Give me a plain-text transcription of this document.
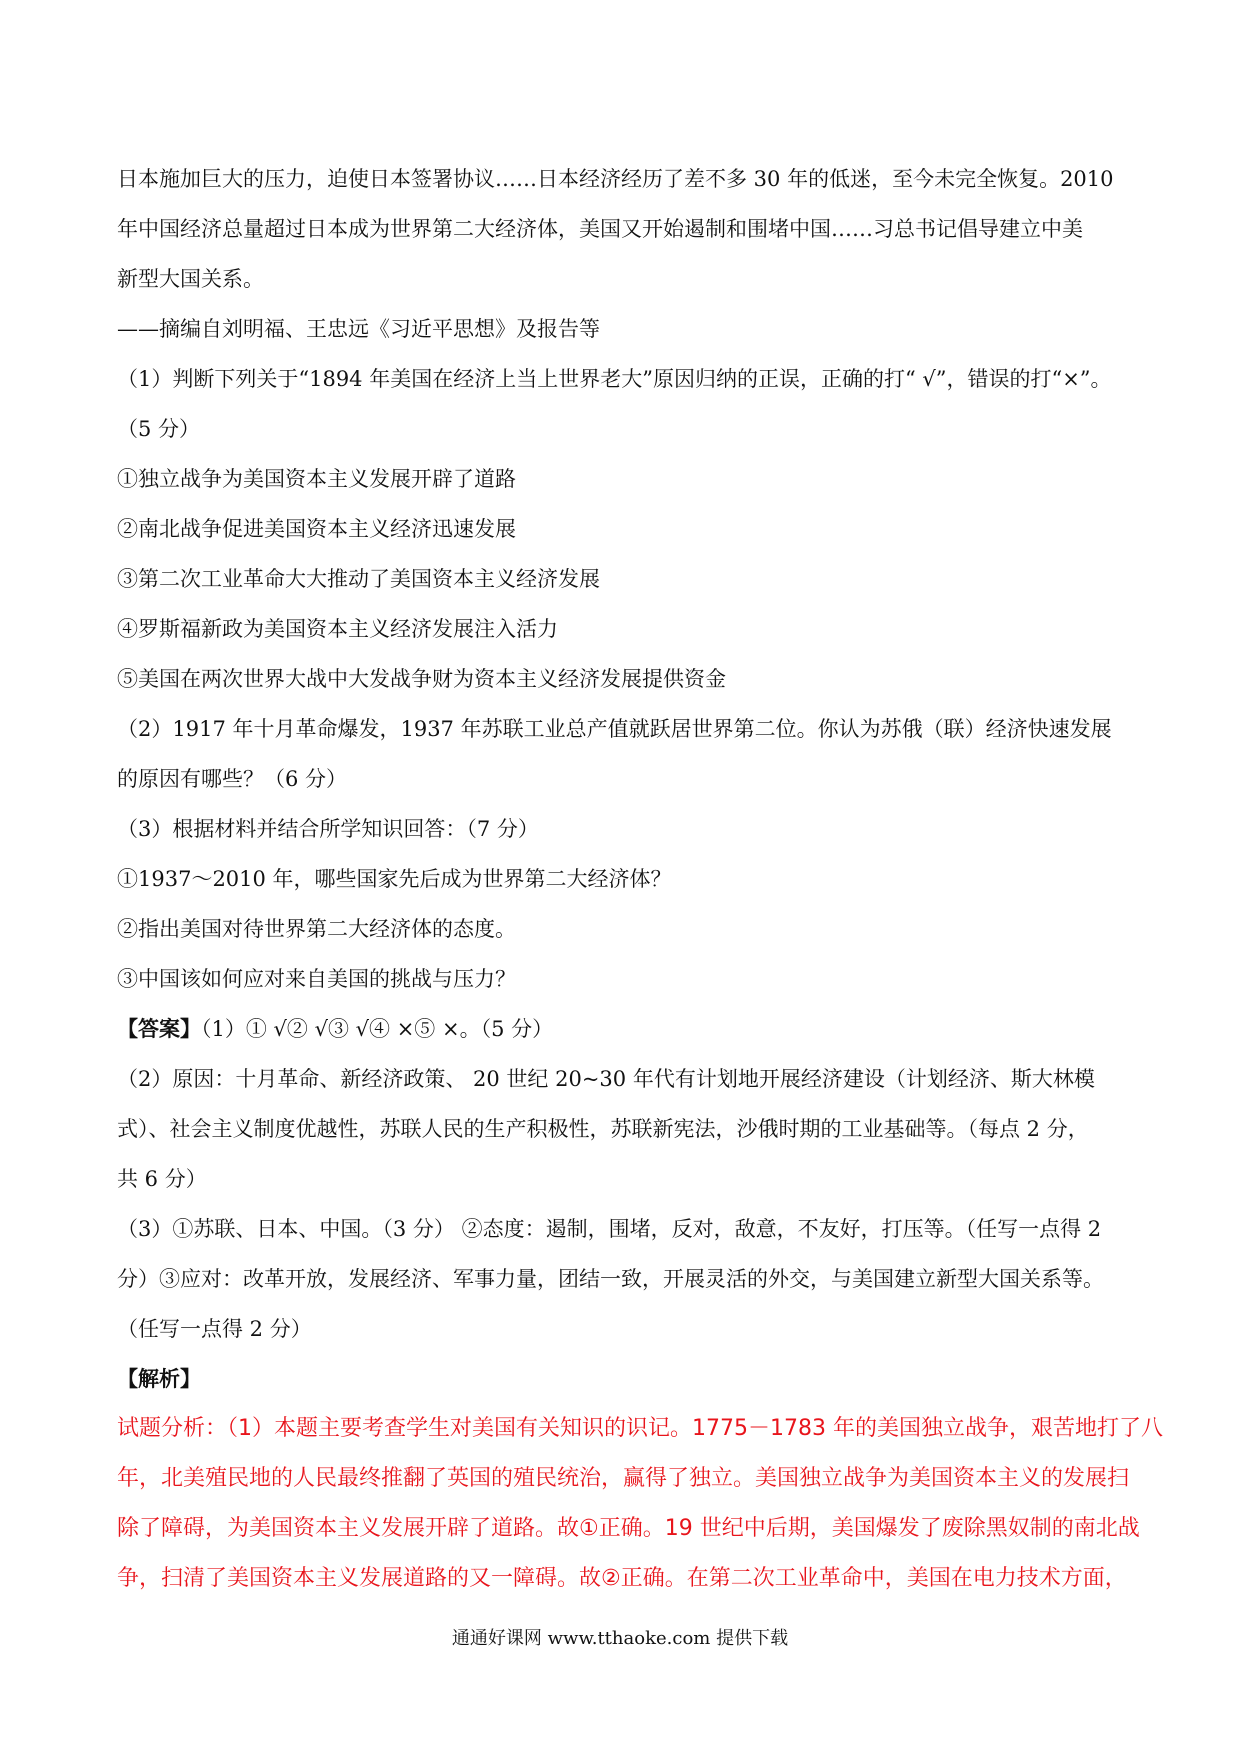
日本施加巨大的压力，迫使日本签署协议……日本经济经历了差不多 30 年的低迷，至今未完全恢复。2010
年中国经济总量超过日本成为世界第二大经济体，美国又开始遏制和围堵中国……习总书记倡导建立中美
新型大国关系。
——摘编自刘明福、王忠远《习近平思想》及报告等
（1）判断下列关于“1894 年美国在经济上当上世界老大”原因归纳的正误，正确的打“ √”，错误的打“×”。
（5 分）
①独立战争为美国资本主义发展开辟了道路
②南北战争促进美国资本主义经济迅速发展
③第二次工业革命大大推动了美国资本主义经济发展
④罗斯福新政为美国资本主义经济发展注入活力
⑤美国在两次世界大战中大发战争财为资本主义经济发展提供资金
（2）1917 年十月革命爆发，1937 年苏联工业总产值就跃居世界第二位。你认为苏俄（联）经济快速发展
的原因有哪些？（6 分）
（3）根据材料并结合所学知识回答：（7 分）
①1937～2010 年，哪些国家先后成为世界第二大经济体？
②指出美国对待世界第二大经济体的态度。
③中国该如何应对来自美国的挑战与压力？
【答案】（1）① √② √③ √④ ×⑤ ×。（5 分）
（2）原因：十月革命、新经济政策、 20 世纪 20~30 年代有计划地开展经济建设（计划经济、斯大林模
式）、社会主义制度优越性，苏联人民的生产积极性，苏联新宪法，沙俄时期的工业基础等。（每点 2 分，
共 6 分）
（3）①苏联、日本、中国。（3 分） ②态度：遏制，围堵，反对，敌意，不友好，打压等。（任写一点得 2
分）③应对：改革开放，发展经济、军事力量，团结一致，开展灵活的外交，与美国建立新型大国关系等。
（任写一点得 2 分）
【解析】
试题分析：（1）本题主要考查学生对美国有关知识的识记。1775－1783 年的美国独立战争，艰苦地打了八
年，北美殖民地的人民最终推翻了英国的殖民统治，赢得了独立。美国独立战争为美国资本主义的发展扫
除了障碍，为美国资本主义发展开辟了道路。故①正确。19 世纪中后期，美国爆发了废除黑奴制的南北战
争，扫清了美国资本主义发展道路的又一障碍。故②正确。在第二次工业革命中，美国在电力技术方面，
通通好课网 www.tthaoke.com 提供下载
